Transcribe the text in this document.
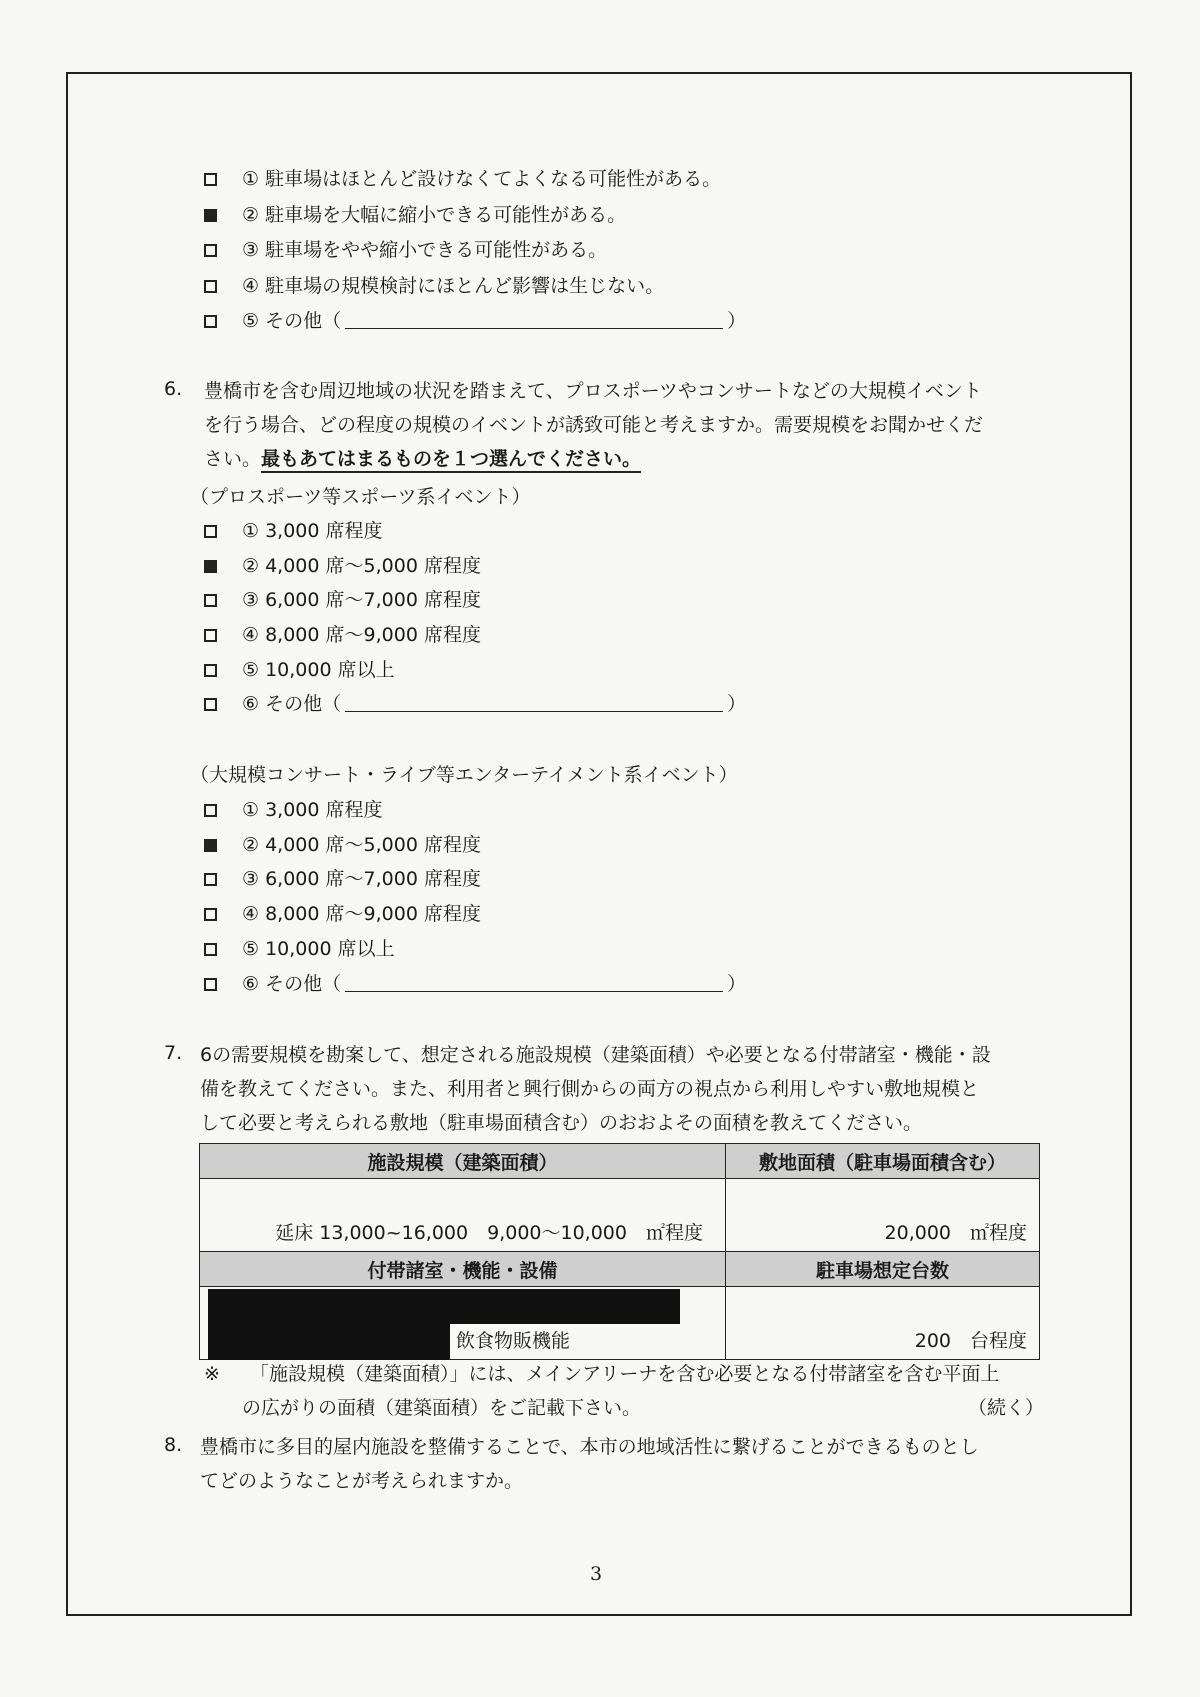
① 駐車場はほとんど設けなくてよくなる可能性がある。
② 駐車場を大幅に縮小できる可能性がある。
③ 駐車場をやや縮小できる可能性がある。
④ 駐車場の規模検討にほとんど影響は生じない。
⑤ その他（	）
6. 豊橋市を含む周辺地域の状況を踏まえて、プロスポーツやコンサートなどの大規模イベント
を行う場合、どの程度の規模のイベントが誘致可能と考えますか。需要規模をお聞かせくだ
さい。最もあてはまるものを１つ選んでください。
（プロスポーツ等スポーツ系イベント）
① 3,000 席程度
② 4,000 席〜5,000 席程度
③ 6,000 席〜7,000 席程度
④ 8,000 席〜9,000 席程度
⑤ 10,000 席以上
⑥ その他（	）
（大規模コンサート・ライブ等エンターテイメント系イベント）
① 3,000 席程度
② 4,000 席〜5,000 席程度
③ 6,000 席〜7,000 席程度
④ 8,000 席〜9,000 席程度
⑤ 10,000 席以上
⑥ その他（	）
7. 6の需要規模を勘案して、想定される施設規模（建築面積）や必要となる付帯諸室・機能・設
備を教えてください。また、利用者と興行側からの両方の視点から利用しやすい敷地規模と
して必要と考えられる敷地（駐車場面積含む）のおおよその面積を教えてください。
施設規模（建築面積）	敷地面積（駐車場面積含む）

延床 13,000~16,000　9,000〜10,000　㎡程度	20,000　㎡程度

付帯諸室・機能・設備	駐車場想定台数

飲食物販機能	200　台程度
※ 「施設規模（建築面積）」には、メインアリーナを含む必要となる付帯諸室を含む平面上
の広がりの面積（建築面積）をご記載下さい。	（続く）
8. 豊橋市に多目的屋内施設を整備することで、本市の地域活性に繋げることができるものとし
てどのようなことが考えられますか。
3
